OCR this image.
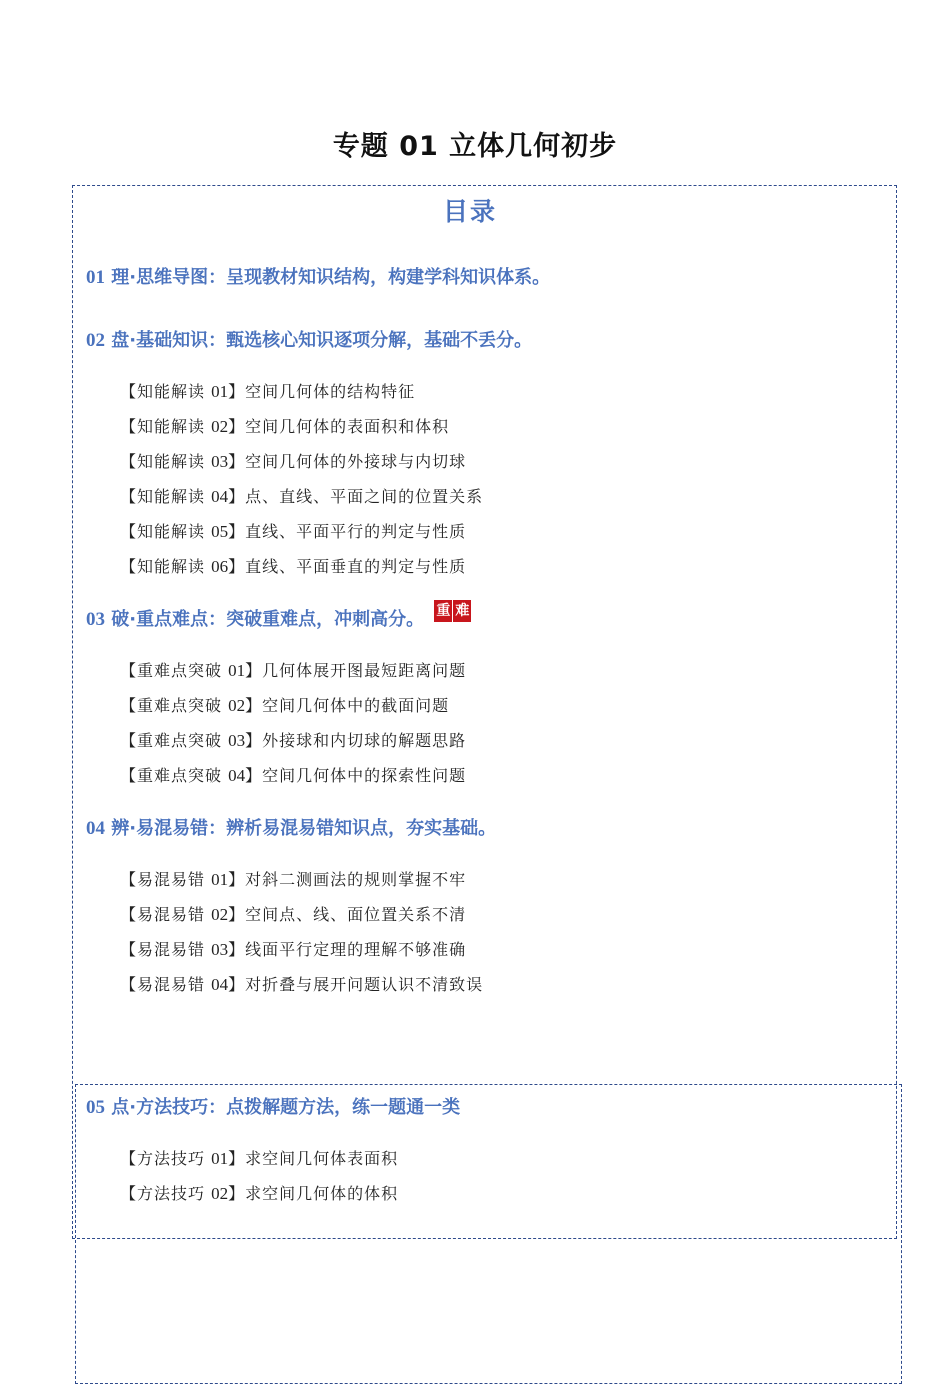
专题 01 立体几何初步
目录
01 理·思维导图：呈现教材知识结构，构建学科知识体系。
02 盘·基础知识：甄选核心知识逐项分解，基础不丢分。
【知能解读 01】空间几何体的结构特征
【知能解读 02】空间几何体的表面积和体积
【知能解读 03】空间几何体的外接球与内切球
【知能解读 04】点、直线、平面之间的位置关系
【知能解读 05】直线、平面平行的判定与性质
【知能解读 06】直线、平面垂直的判定与性质
03 破·重点难点：突破重难点，冲刺高分。 重 难
【重难点突破 01】几何体展开图最短距离问题
【重难点突破 02】空间几何体中的截面问题
【重难点突破 03】外接球和内切球的解题思路
【重难点突破 04】空间几何体中的探索性问题
04 辨·易混易错：辨析易混易错知识点，夯实基础。
【易混易错 01】对斜二测画法的规则掌握不牢
【易混易错 02】空间点、线、面位置关系不清
【易混易错 03】线面平行定理的理解不够准确
【易混易错 04】对折叠与展开问题认识不清致误
05 点·方法技巧：点拨解题方法，练一题通一类
【方法技巧 01】求空间几何体表面积
【方法技巧 02】求空间几何体的体积
